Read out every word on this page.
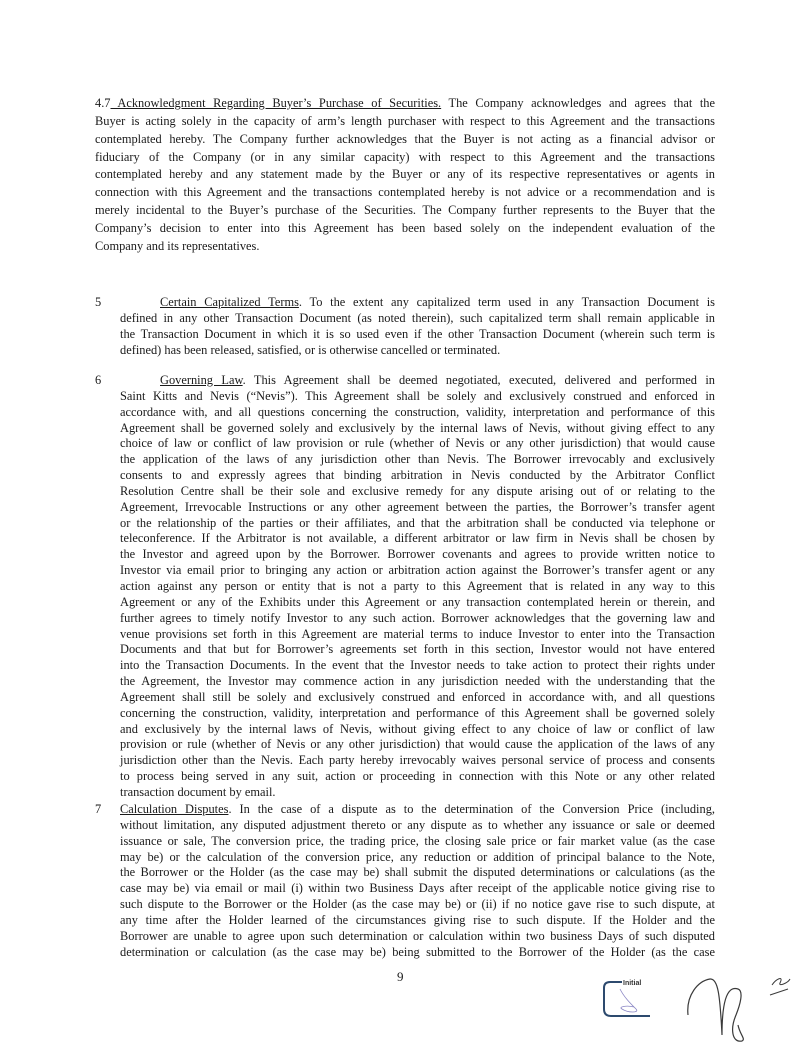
4.7 Acknowledgment Regarding Buyer’s Purchase of Securities. The Company acknowledges and agrees that the
Buyer is acting solely in the capacity of arm’s length purchaser with respect to this Agreement and the transactions
contemplated hereby. The Company further acknowledges that the Buyer is not acting as a financial advisor or
fiduciary of the Company (or in any similar capacity) with respect to this Agreement and the transactions
contemplated hereby and any statement made by the Buyer or any of its respective representatives or agents in
connection with this Agreement and the transactions contemplated hereby is not advice or a recommendation and is
merely incidental to the Buyer’s purchase of the Securities. The Company further represents to the Buyer that the
Company’s decision to enter into this Agreement has been based solely on the independent evaluation of the
Company and its representatives.
5	Certain Capitalized Terms. To the extent any capitalized term used in any Transaction Document is
defined in any other Transaction Document (as noted therein), such capitalized term shall remain applicable in
the Transaction Document in which it is so used even if the other Transaction Document (wherein such term is
defined) has been released, satisfied, or is otherwise cancelled or terminated.
6	Governing Law. This Agreement shall be deemed negotiated, executed, delivered and performed in
Saint Kitts and Nevis (“Nevis”). This Agreement shall be solely and exclusively construed and enforced in
accordance with, and all questions concerning the construction, validity, interpretation and performance of this
Agreement shall be governed solely and exclusively by the internal laws of Nevis, without giving effect to any
choice of law or conflict of law provision or rule (whether of Nevis or any other jurisdiction) that would cause
the application of the laws of any jurisdiction other than Nevis. The Borrower irrevocably and exclusively
consents to and expressly agrees that binding arbitration in Nevis conducted by the Arbitrator Conflict
Resolution Centre shall be their sole and exclusive remedy for any dispute arising out of or relating to the
Agreement, Irrevocable Instructions or any other agreement between the parties, the Borrower’s transfer agent
or the relationship of the parties or their affiliates, and that the arbitration shall be conducted via telephone or
teleconference. If the Arbitrator is not available, a different arbitrator or law firm in Nevis shall be chosen by
the Investor and agreed upon by the Borrower. Borrower covenants and agrees to provide written notice to
Investor via email prior to bringing any action or arbitration action against the Borrower’s transfer agent or any
action against any person or entity that is not a party to this Agreement that is related in any way to this
Agreement or any of the Exhibits under this Agreement or any transaction contemplated herein or therein, and
further agrees to timely notify Investor to any such action. Borrower acknowledges that the governing law and
venue provisions set forth in this Agreement are material terms to induce Investor to enter into the Transaction
Documents and that but for Borrower’s agreements set forth in this section, Investor would not have entered
into the Transaction Documents. In the event that the Investor needs to take action to protect their rights under
the Agreement, the Investor may commence action in any jurisdiction needed with the understanding that the
Agreement shall still be solely and exclusively construed and enforced in accordance with, and all questions
concerning the construction, validity, interpretation and performance of this Agreement shall be governed solely
and exclusively by the internal laws of Nevis, without giving effect to any choice of law or conflict of law
provision or rule (whether of Nevis or any other jurisdiction) that would cause the application of the laws of any
jurisdiction other than the Nevis. Each party hereby irrevocably waives personal service of process and consents
to process being served in any suit, action or proceeding in connection with this Note or any other related
transaction document by email.
7 Calculation Disputes. In the case of a dispute as to the determination of the Conversion Price (including,
without limitation, any disputed adjustment thereto or any dispute as to whether any issuance or sale or deemed
issuance or sale, The conversion price, the trading price, the closing sale price or fair market value (as the case
may be) or the calculation of the conversion price, any reduction or addition of principal balance to the Note,
the Borrower or the Holder (as the case may be) shall submit the disputed determinations or calculations (as the
case may be) via email or mail (i) within two Business Days after receipt of the applicable notice giving rise to
such dispute to the Borrower or the Holder (as the case may be) or (ii) if no notice gave rise to such dispute, at
any time after the Holder learned of the circumstances giving rise to such dispute. If the Holder and the
Borrower are unable to agree upon such determination or calculation within two business Days of such disputed
determination or calculation (as the case may be) being submitted to the Borrower of the Holder (as the case
9	Initial
